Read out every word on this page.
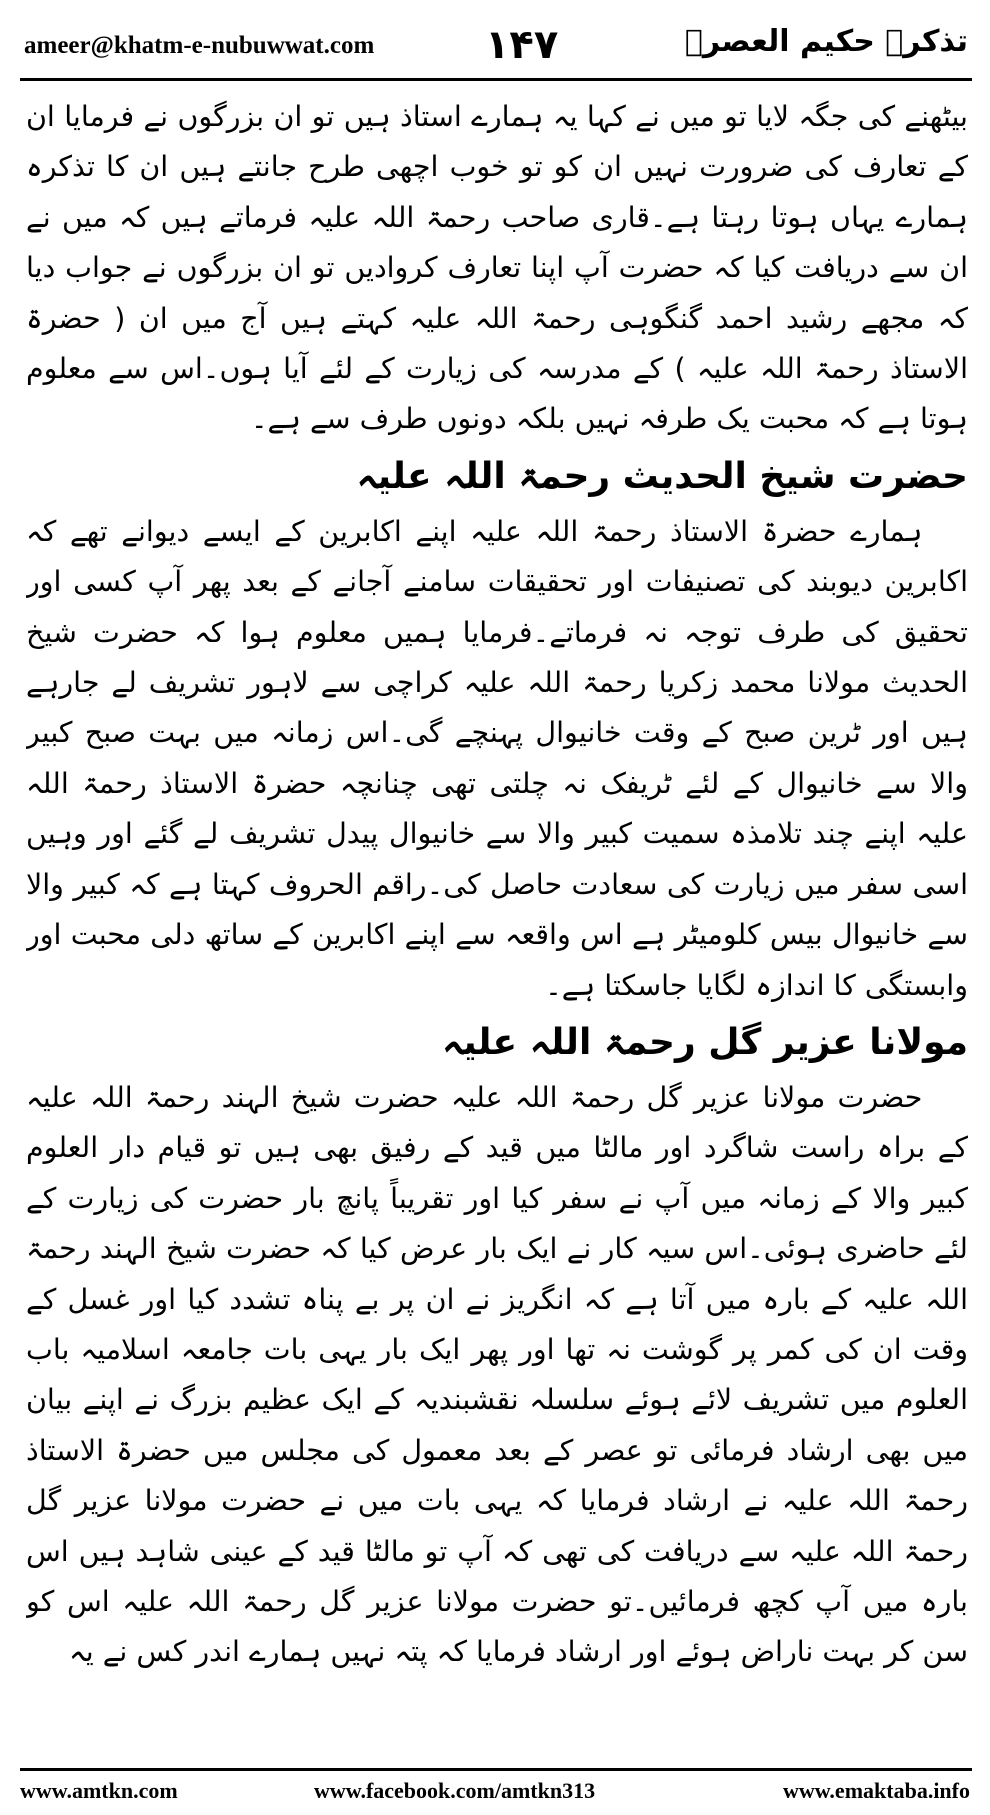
ameer@khatm-e-nubuwwat.com	۱۴۷	تذکرہ حکیم العصرؒ

بیٹھنے کی جگہ لایا تو میں نے کہا یہ ہمارے استاذ ہیں تو ان بزرگوں نے فرمایا ان کے تعارف کی ضرورت نہیں ان کو تو خوب اچھی طرح جانتے ہیں ان کا تذکرہ ہمارے یہاں ہوتا رہتا ہے۔قاری صاحب رحمۃ اللہ علیہ فرماتے ہیں کہ میں نے ان سے دریافت کیا کہ حضرت آپ اپنا تعارف کروادیں تو ان بزرگوں نے جواب دیا کہ مجھے رشید احمد گنگوہی رحمۃ اللہ علیہ کہتے ہیں آج میں ان ( حضرۃ الاستاذ رحمۃ اللہ علیہ ) کے مدرسہ کی زیارت کے لئے آیا ہوں۔اس سے معلوم ہوتا ہے کہ محبت یک طرفہ نہیں بلکہ دونوں طرف سے ہے۔

حضرت شیخ الحدیث رحمۃ اللہ علیہ

ہمارے حضرۃ الاستاذ رحمۃ اللہ علیہ اپنے اکابرین کے ایسے دیوانے تھے کہ اکابرین دیوبند کی تصنیفات اور تحقیقات سامنے آجانے کے بعد پھر آپ کسی اور تحقیق کی طرف توجہ نہ فرماتے۔فرمایا ہمیں معلوم ہوا کہ حضرت شیخ الحدیث مولانا محمد زکریا رحمۃ اللہ علیہ کراچی سے لاہور تشریف لے جارہے ہیں اور ٹرین صبح کے وقت خانیوال پہنچے گی۔اس زمانہ میں بہت صبح کبیر والا سے خانیوال کے لئے ٹریفک نہ چلتی تھی چنانچہ حضرۃ الاستاذ رحمۃ اللہ علیہ اپنے چند تلامذہ سمیت کبیر والا سے خانیوال پیدل تشریف لے گئے اور وہیں اسی سفر میں زیارت کی سعادت حاصل کی۔راقم الحروف کہتا ہے کہ کبیر والا سے خانیوال بیس کلومیٹر ہے اس واقعہ سے اپنے اکابرین کے ساتھ دلی محبت اور وابستگی کا اندازہ لگایا جاسکتا ہے۔

مولانا عزیر گل رحمۃ اللہ علیہ

حضرت مولانا عزیر گل رحمۃ اللہ علیہ حضرت شیخ الہند رحمۃ اللہ علیہ کے براہ راست شاگرد اور مالٹا میں قید کے رفیق بھی ہیں تو قیام دار العلوم کبیر والا کے زمانہ میں آپ نے سفر کیا اور تقریباً پانچ بار حضرت کی زیارت کے لئے حاضری ہوئی۔اس سیہ کار نے ایک بار عرض کیا کہ حضرت شیخ الہند رحمۃ اللہ علیہ کے بارہ میں آتا ہے کہ انگریز نے ان پر بے پناہ تشدد کیا اور غسل کے وقت ان کی کمر پر گوشت نہ تھا اور پھر ایک بار یہی بات جامعہ اسلامیہ باب العلوم میں تشریف لائے ہوئے سلسلہ نقشبندیہ کے ایک عظیم بزرگ نے اپنے بیان میں بھی ارشاد فرمائی تو عصر کے بعد معمول کی مجلس میں حضرۃ الاستاذ رحمۃ اللہ علیہ نے ارشاد فرمایا کہ یہی بات میں نے حضرت مولانا عزیر گل رحمۃ اللہ علیہ سے دریافت کی تھی کہ آپ تو مالٹا قید کے عینی شاہد ہیں اس بارہ میں آپ کچھ فرمائیں۔تو حضرت مولانا عزیر گل رحمۃ اللہ علیہ اس کو سن کر بہت ناراض ہوئے اور ارشاد فرمایا کہ پتہ نہیں ہمارے اندر کس نے یہ

www.amtkn.com	www.facebook.com/amtkn313	www.emaktaba.info
